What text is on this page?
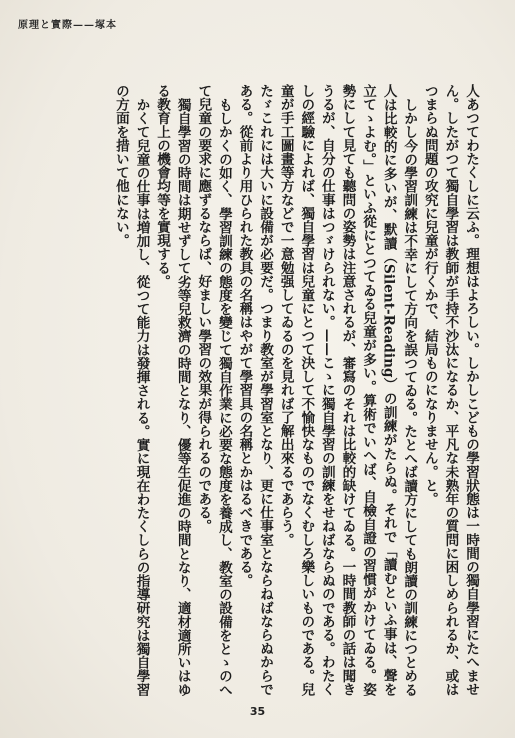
原理と實際——塚本

人あつてわたくしに云ふ。理想はよろしい。しかしこどもの學習狀態は一時間の獨自學習にたへません。したがつて獨自學習は教師が手持不沙汰になるか、平凡な未熟年の質問に困しめられるか、或はつまらぬ問題の攻究に兒童が行くかで、結局ものになりません。と。

しかし今の學習訓練は不幸にして方向を誤つてゐる。たとへば讀方にしても朗讀の訓練につとめる人は比較的に多いが、默讀（Silent-Reading）の訓練がたらぬ。それで「讀むといふ事は、聲を立てゝよむ。」といふ從にとつてゐる兒童が多い。算術でいへば、自檢自證の習慣がかけてゐる。姿勢にして見ても聽問の姿勢は注意されるが、審寫のそれは比較的缺けてゐる。一時間教師の話は聞きうるが、自分の仕事はつゞけられない。——こゝに獨自學習の訓練をせねばならぬのである。わたくしの經驗によれば、獨自學習は兒童にとつて決して不愉快なものでなくむしろ樂しいものである。兒童が手工圖畫等方などで一意勉强してゐるのを見れば了解出來るであらう。

たゞこれには大いに設備が必要だ。つまり教室が學習室となり、更に仕事室とならねばならぬからである。從前より用ひられた教具の名稱はやがて學習具の名稱とかはるべきである。

もしかくの如く、學習訓練の態度を變じて獨自作業に必要な態度を養成し、教室の設備をとゝのへて兒童の要求に應ずるならば、好ましい學習の效果が得られるのである。

獨自學習の時間は期せずして劣等兒救濟の時間となり、優等生促進の時間となり、適材適所いはゆる教育上の機會均等を實現する。

かくて兒童の仕事は増加し、從つて能力は發揮される。實に現在わたくしらの指導研究は獨自學習の方面を措いて他にない。

35
